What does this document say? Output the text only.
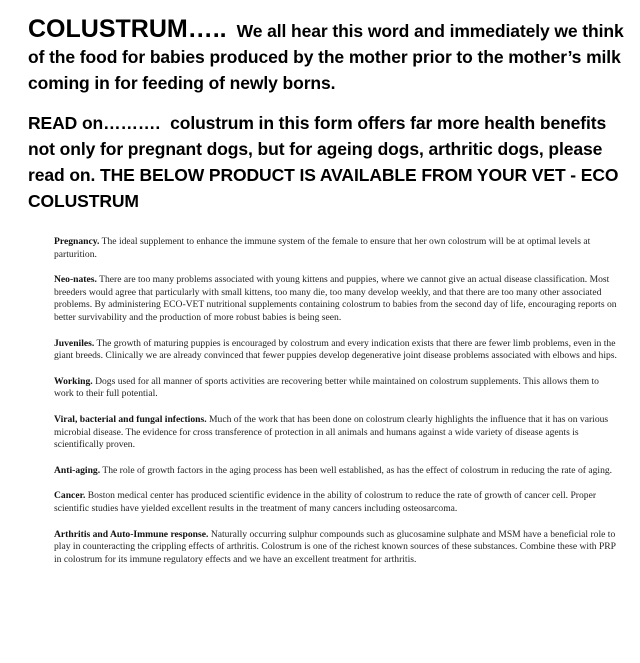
COLUSTRUM….. We all hear this word and immediately we think of the food for babies produced by the mother prior to the mother’s milk coming in for feeding of newly borns.

READ on………. colustrum in this form offers far more health benefits not only for pregnant dogs, but for ageing dogs, arthritic dogs, please read on. THE BELOW PRODUCT IS AVAILABLE FROM YOUR VET - ECO COLUSTRUM

Pregnancy. The ideal supplement to enhance the immune system of the female to ensure that her own colostrum will be at optimal levels at parturition.

Neo-nates. There are too many problems associated with young kittens and puppies, where we cannot give an actual disease classification. Most breeders would agree that particularly with small kittens, too many die, too many develop weekly, and that there are too many other associated problems. By administering ECO-VET nutritional supplements containing colostrum to babies from the second day of life, encouraging reports on better survivability and the production of more robust babies is being seen.

Juveniles. The growth of maturing puppies is encouraged by colostrum and every indication exists that there are fewer limb problems, even in the giant breeds. Clinically we are already convinced that fewer puppies develop degenerative joint disease problems associated with elbows and hips.

Working. Dogs used for all manner of sports activities are recovering better while maintained on colostrum supplements. This allows them to work to their full potential.

Viral, bacterial and fungal infections. Much of the work that has been done on colostrum clearly highlights the influence that it has on various microbial disease. The evidence for cross transference of protection in all animals and humans against a wide variety of disease agents is scientifically proven.

Anti-aging. The role of growth factors in the aging process has been well established, as has the effect of colostrum in reducing the rate of aging.

Cancer. Boston medical center has produced scientific evidence in the ability of colostrum to reduce the rate of growth of cancer cell. Proper scientific studies have yielded excellent results in the treatment of many cancers including osteosarcoma.

Arthritis and Auto-Immune response. Naturally occurring sulphur compounds such as glucosamine sulphate and MSM have a beneficial role to play in counteracting the crippling effects of arthritis. Colostrum is one of the richest known sources of these substances. Combine these with PRP in colostrum for its immune regulatory effects and we have an excellent treatment for arthritis.
